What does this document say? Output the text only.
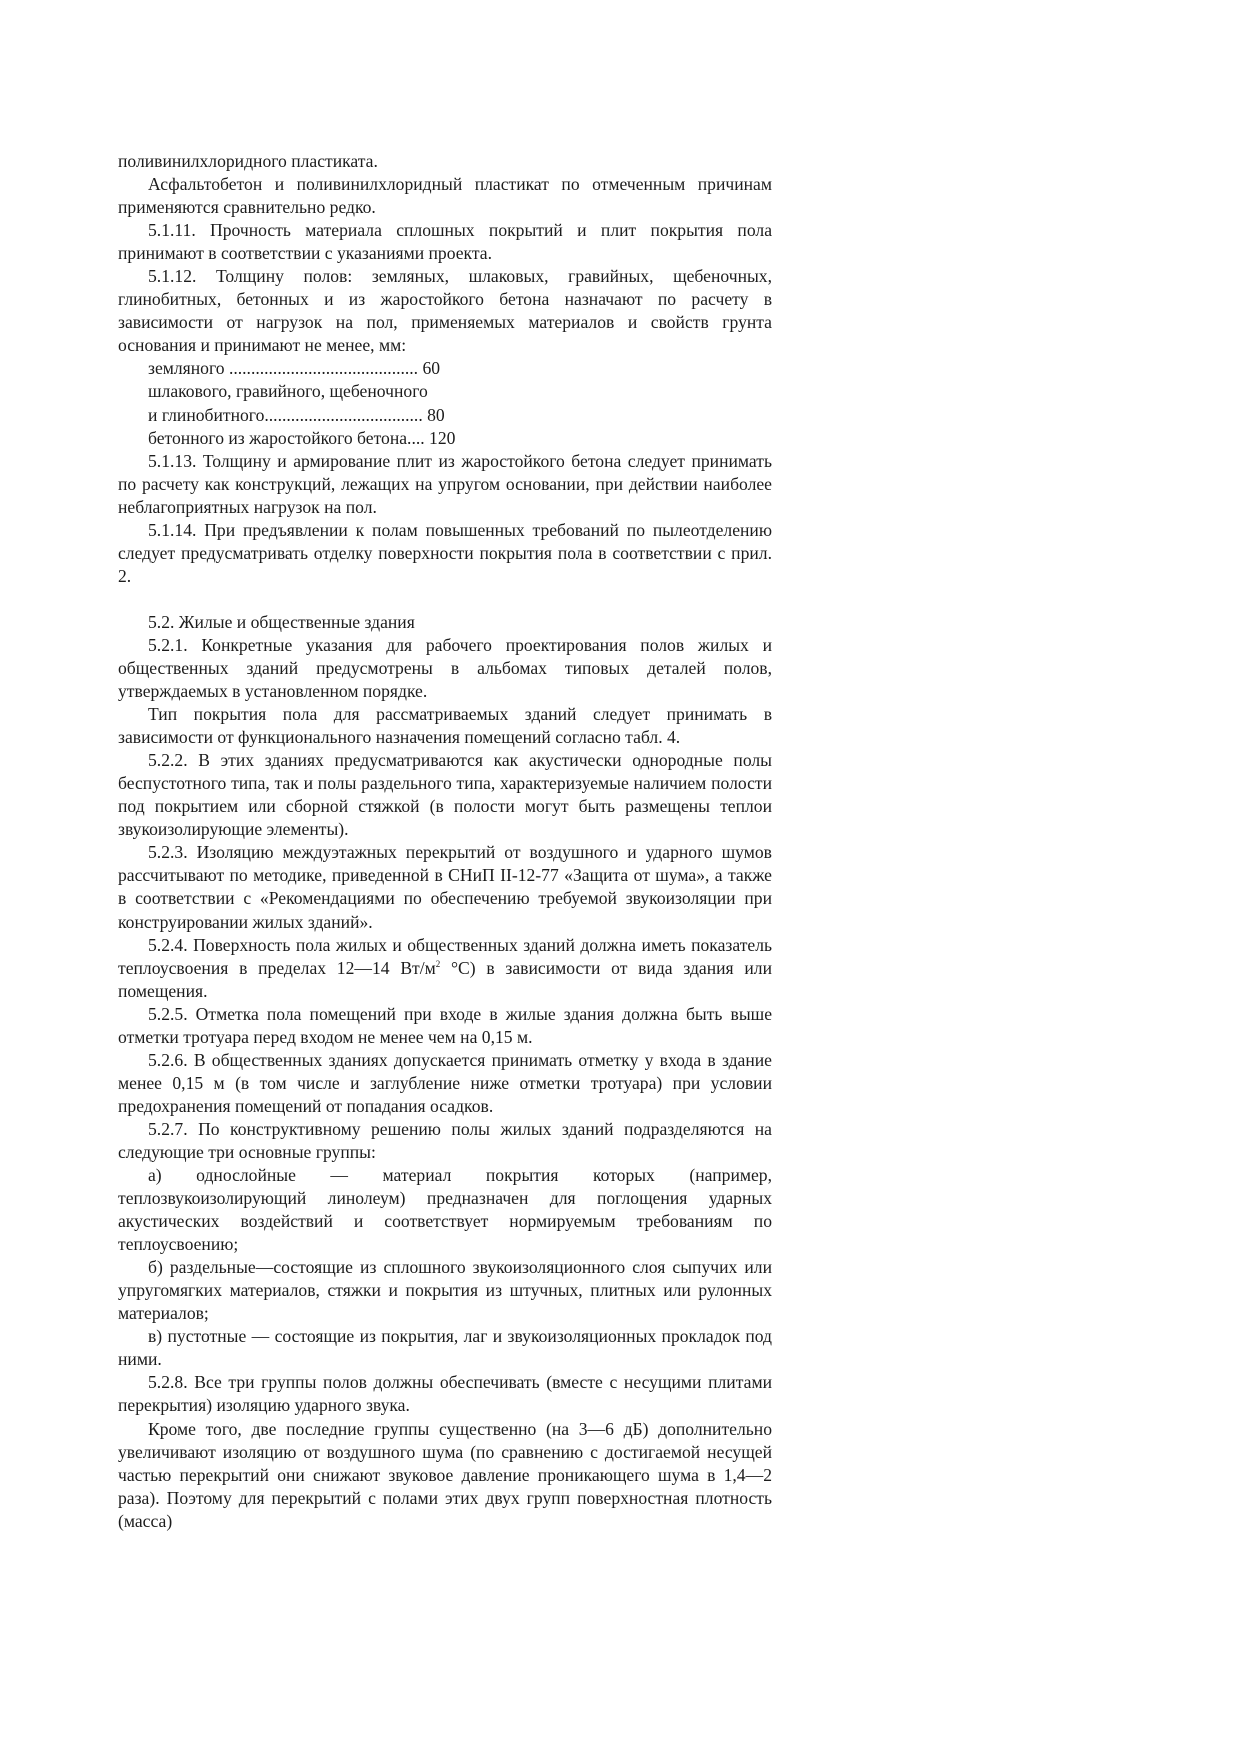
поливинилхлоридного пластиката.

Асфальтобетон и поливинилхлоридный пластикат по отмеченным причинам применяются сравнительно редко.

5.1.11. Прочность материала сплошных покрытий и плит покрытия пола принимают в соответствии с указаниями проекта.

5.1.12. Толщину полов: земляных, шлаковых, гравийных, щебеночных, глинобитных, бетонных и из жаростойкого бетона назначают по расчету в зависимости от нагрузок на пол, применяемых материалов и свойств грунта основания и принимают не менее, мм:

земляного ........................................... 60

шлакового, гравийного, щебеночного

и глинобитного.................................... 80

бетонного из жаростойкого бетона.... 120

5.1.13. Толщину и армирование плит из жаростойкого бетона следует принимать по расчету как конструкций, лежащих на упругом основании, при действии наиболее неблагоприятных нагрузок на пол.

5.1.14. При предъявлении к полам повышенных требований по пылеотделению следует предусматривать отделку поверхности покрытия пола в соответствии с прил. 2.

5.2. Жилые и общественные здания

5.2.1. Конкретные указания для рабочего проектирования полов жилых и общественных зданий предусмотрены в альбомах типовых деталей полов, утверждаемых в установленном порядке.

Тип покрытия пола для рассматриваемых зданий следует принимать в зависимости от функционального назначения помещений согласно табл. 4.

5.2.2. В этих зданиях предусматриваются как акустически однородные полы беспустотного типа, так и полы раздельного типа, характеризуемые наличием полости под покрытием или сборной стяжкой (в полости могут быть размещены теплои звукоизолирующие элементы).

5.2.3. Изоляцию междуэтажных перекрытий от воздушного и ударного шумов рассчитывают по методике, приведенной в СНиП II-12-77 «Защита от шума», а также в соответствии с «Рекомендациями по обеспечению требуемой звукоизоляции при конструировании жилых зданий».

5.2.4. Поверхность пола жилых и общественных зданий должна иметь показатель теплоусвоения в пределах 12—14 $Вт/м^2$ °С) в зависимости от вида здания или помещения.

5.2.5. Отметка пола помещений при входе в жилые здания должна быть выше отметки тротуара перед входом не менее чем на 0,15 м.

5.2.6. В общественных зданиях допускается принимать отметку у входа в здание менее 0,15 м (в том числе и заглубление ниже отметки тротуара) при условии предохранения помещений от попадания осадков.

5.2.7. По конструктивному решению полы жилых зданий подразделяются на следующие три основные группы:

а) однослойные — материал покрытия которых (например, теплозвукоизолирующий линолеум) предназначен для поглощения ударных акустических воздействий и соответствует нормируемым требованиям по теплоусвоению;

б) раздельные—состоящие из сплошного звукоизоляционного слоя сыпучих или упругомягких материалов, стяжки и покрытия из штучных, плитных или рулонных материалов;

в) пустотные — состоящие из покрытия, лаг и звукоизоляционных прокладок под ними.

5.2.8. Все три группы полов должны обеспечивать (вместе с несущими плитами перекрытия) изоляцию ударного звука.

Кроме того, две последние группы существенно (на 3—6 дБ) дополнительно увеличивают изоляцию от воздушного шума (по сравнению с достигаемой несущей частью перекрытий они снижают звуковое давление проникающего шума в 1,4—2 раза). Поэтому для перекрытий с полами этих двух групп поверхностная плотность (масса)
